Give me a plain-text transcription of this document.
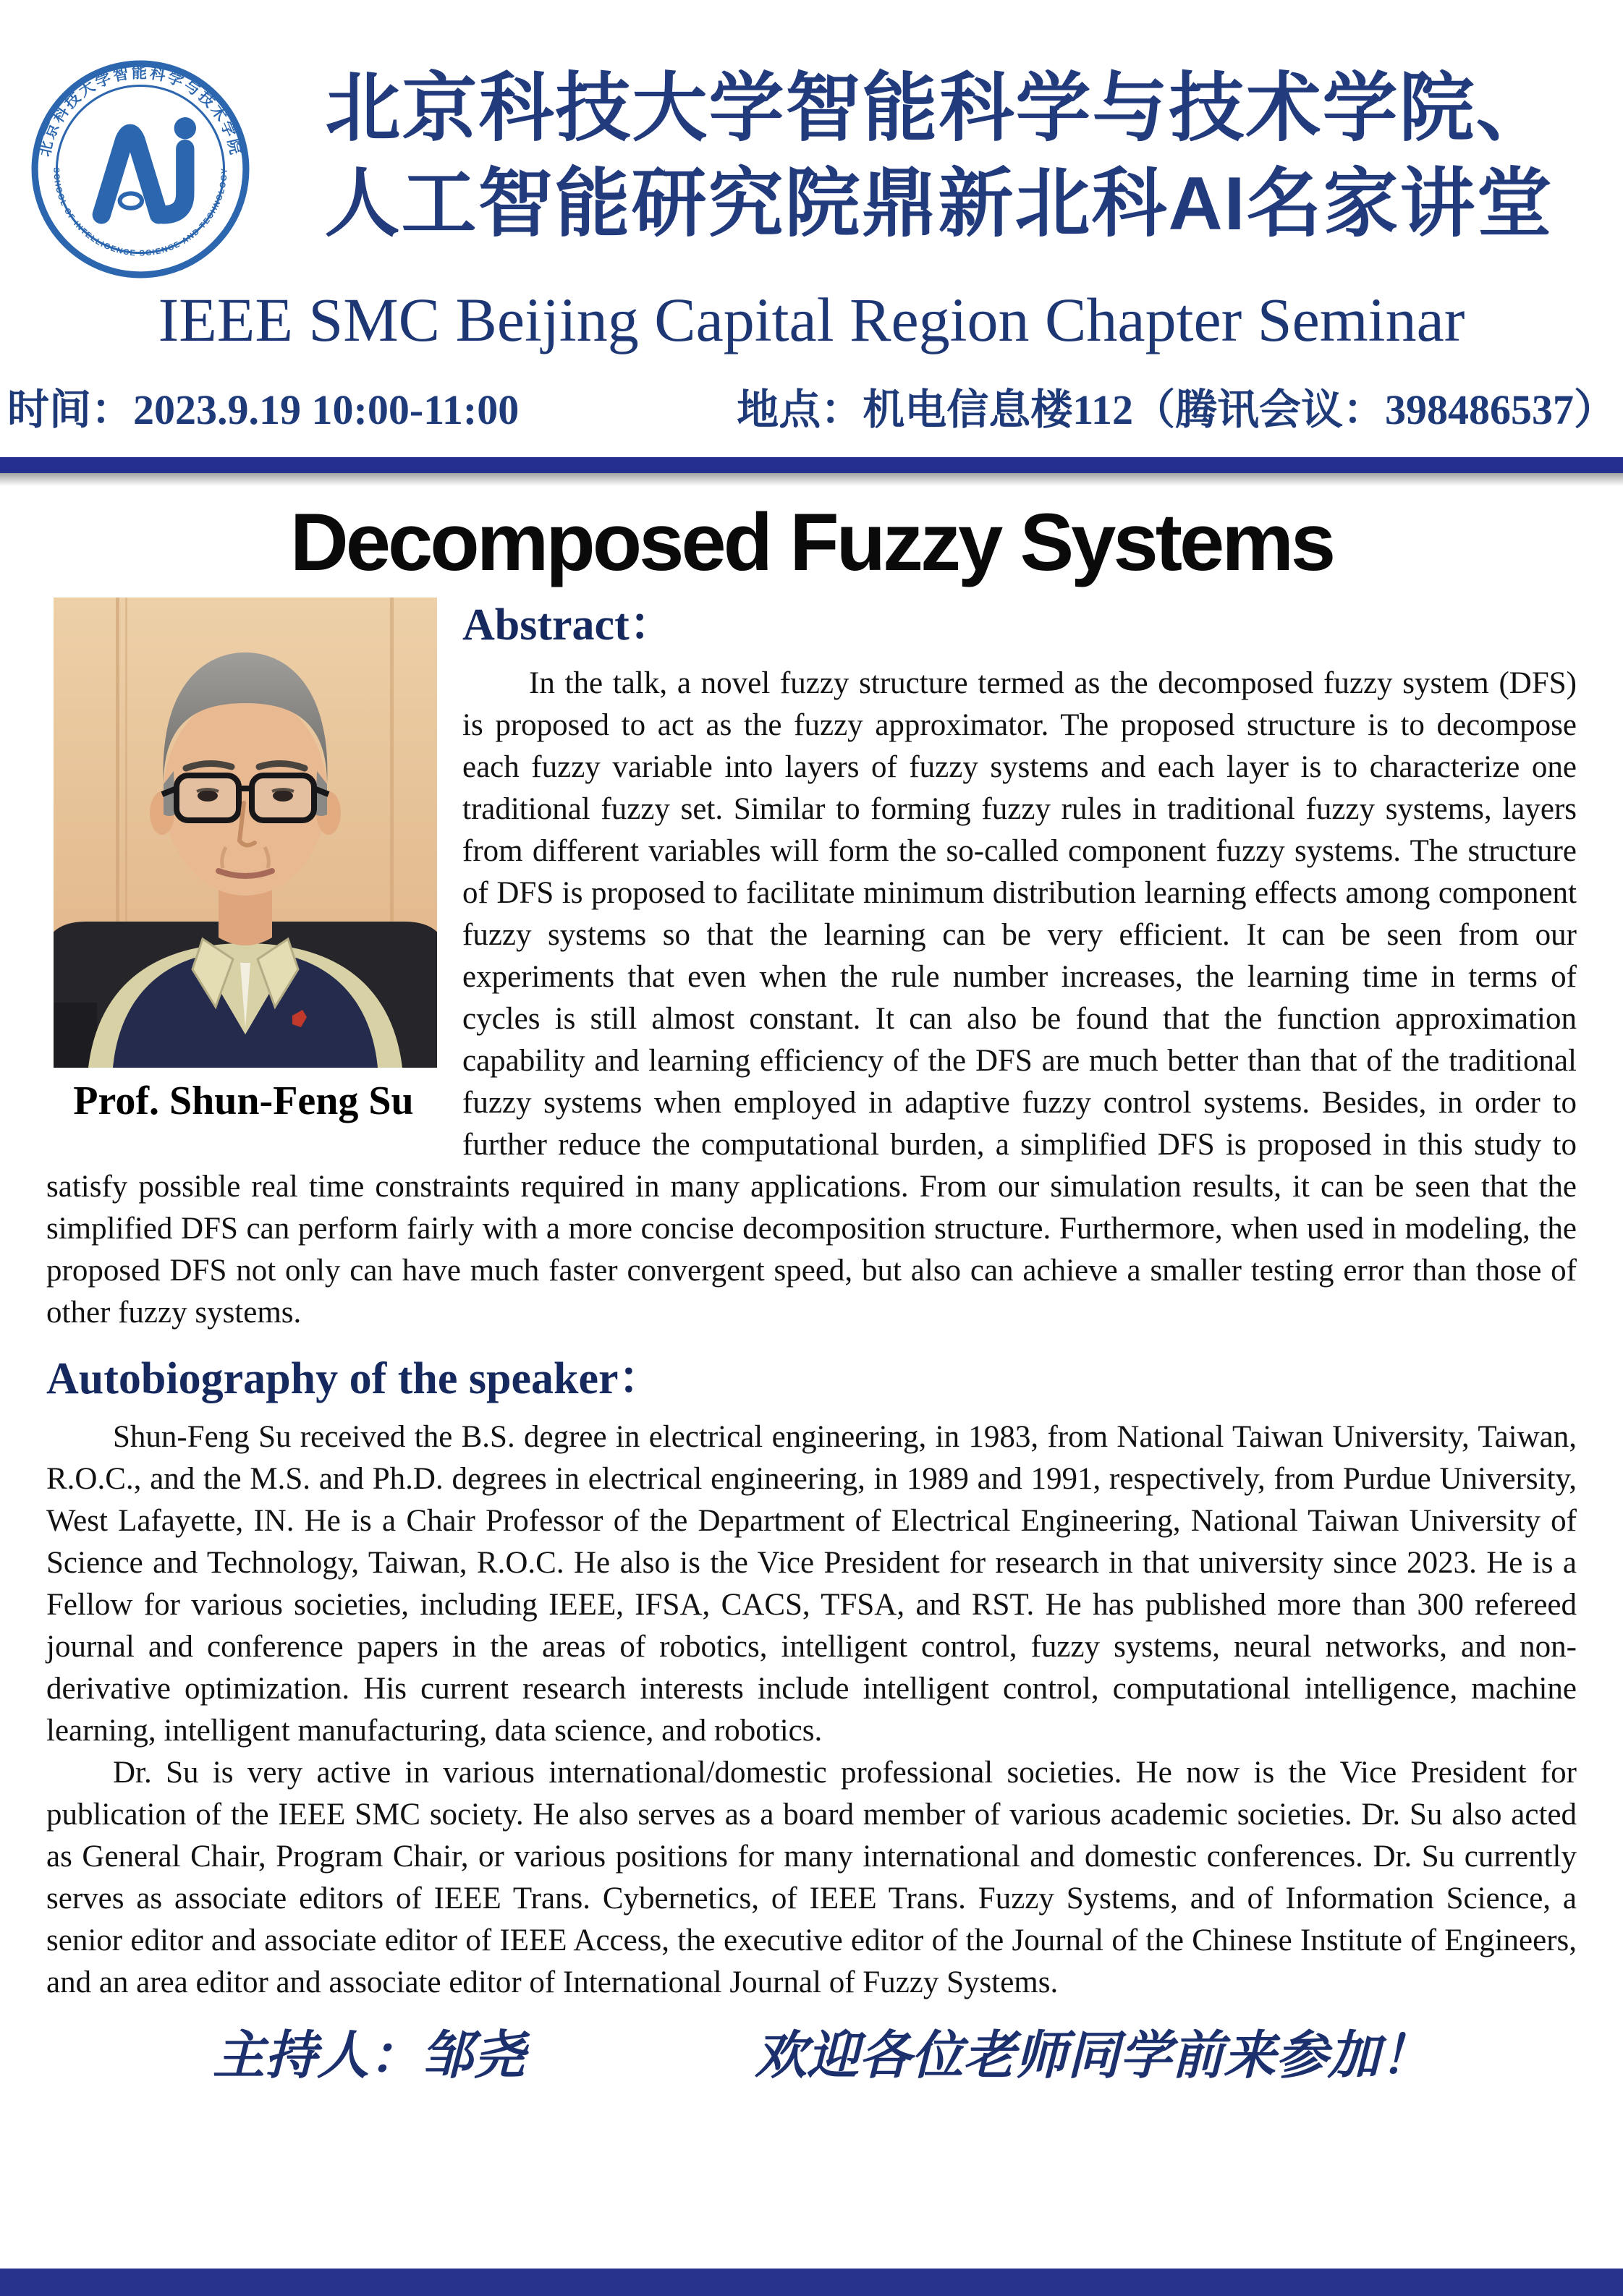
北京科技大学智能科学与技术学院
SCHOOL OF INTELLIGENCE SCIENCE AND TECHNOLOGY
北京科技大学智能科学与技术学院、
人工智能研究院鼎新北科AI名家讲堂
IEEE SMC Beijing Capital Region Chapter Seminar
时间：2023.9.19 10:00-11:00	地点：机电信息楼112（腾讯会议：398486537）
Decomposed Fuzzy Systems
Prof. Shun-Feng Su
Abstract：

In the talk, a novel fuzzy structure termed as the decomposed fuzzy system (DFS) is proposed to act as the fuzzy approximator. The proposed structure is to decompose each fuzzy variable into layers of fuzzy systems and each layer is to characterize one traditional fuzzy set. Similar to forming fuzzy rules in traditional fuzzy systems, layers from different variables will form the so-called component fuzzy systems. The structure of DFS is proposed to facilitate minimum distribution learning effects among component fuzzy systems so that the learning can be very efficient. It can be seen from our experiments that even when the rule number increases, the learning time in terms of cycles is still almost constant. It can also be found that the function approximation capability and learning efficiency of the DFS are much better than that of the traditional fuzzy systems when employed in adaptive fuzzy control systems. Besides, in order to further reduce the computational burden, a simplified DFS is proposed in this study to satisfy possible real time constraints required in many applications. From our simulation results, it can be seen that the simplified DFS can perform fairly with a more concise decomposition structure. Furthermore, when used in modeling, the proposed DFS not only can have much faster convergent speed, but also can achieve a smaller testing error than those of other fuzzy systems.

Autobiography of the speaker：

Shun-Feng Su received the B.S. degree in electrical engineering, in 1983, from National Taiwan University, Taiwan, R.O.C., and the M.S. and Ph.D. degrees in electrical engineering, in 1989 and 1991, respectively, from Purdue University, West Lafayette, IN. He is a Chair Professor of the Department of Electrical Engineering, National Taiwan University of Science and Technology, Taiwan, R.O.C. He also is the Vice President for research in that university since 2023. He is a Fellow for various societies, including IEEE, IFSA, CACS, TFSA, and RST. He has published more than 300 refereed journal and conference papers in the areas of robotics, intelligent control, fuzzy systems, neural networks, and non-derivative optimization. His current research interests include intelligent control, computational intelligence, machine learning, intelligent manufacturing, data science, and robotics.

Dr. Su is very active in various international/domestic professional societies. He now is the Vice President for publication of the IEEE SMC society. He also serves as a board member of various academic societies. Dr. Su also acted as General Chair, Program Chair, or various positions for many international and domestic conferences. Dr. Su currently serves as associate editors of IEEE Trans. Cybernetics, of IEEE Trans. Fuzzy Systems, and of Information Science, a senior editor and associate editor of IEEE Access, the executive editor of the Journal of the Chinese Institute of Engineers, and an area editor and associate editor of International Journal of Fuzzy Systems.

主持人：邹尧	欢迎各位老师同学前来参加！
